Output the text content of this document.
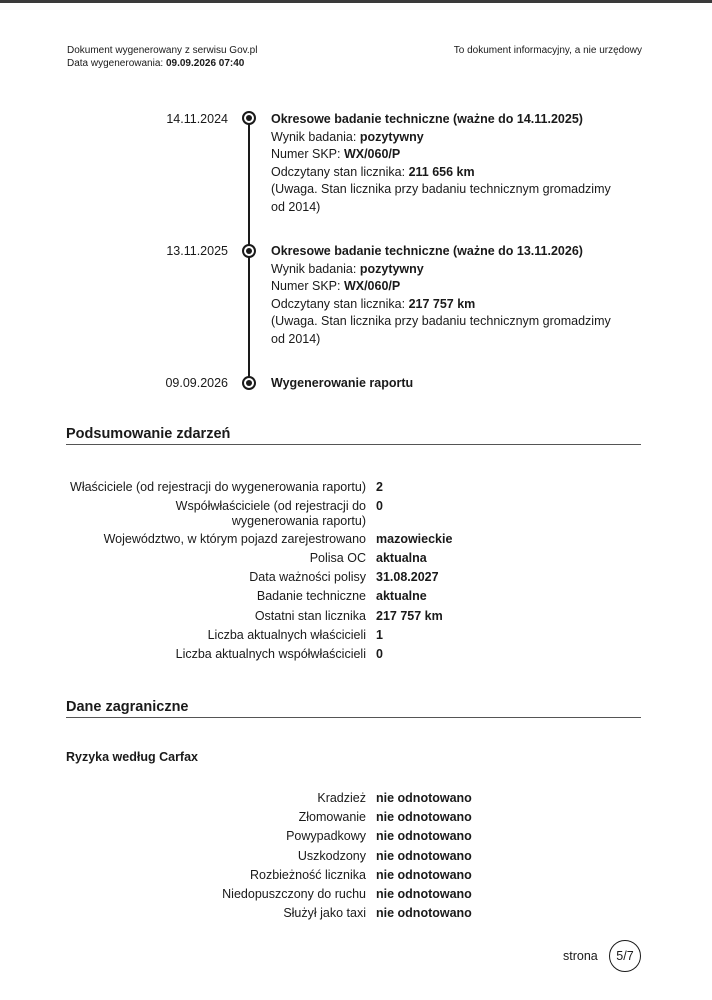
Dokument wygenerowany z serwisu Gov.pl
Data wygenerowania: 09.09.2026 07:40
To dokument informacyjny, a nie urzędowy
14.11.2024	Okresowe badanie techniczne (ważne do 14.11.2025)
Wynik badania: pozytywny
Numer SKP: WX/060/P
Odczytany stan licznika: 211 656 km
(Uwaga. Stan licznika przy badaniu technicznym gromadzimy od 2014)
13.11.2025	Okresowe badanie techniczne (ważne do 13.11.2026)
Wynik badania: pozytywny
Numer SKP: WX/060/P
Odczytany stan licznika: 217 757 km
(Uwaga. Stan licznika przy badaniu technicznym gromadzimy od 2014)
09.09.2026	Wygenerowanie raportu
Podsumowanie zdarzeń
Właściciele (od rejestracji do wygenerowania raportu) 2
Współwłaściciele (od rejestracji do wygenerowania raportu)
0
Województwo, w którym pojazd zarejestrowano mazowieckie
Polisa OC aktualna
Data ważności polisy 31.08.2027
Badanie techniczne aktualne
Ostatni stan licznika 217 757 km
Liczba aktualnych właścicieli 1
Liczba aktualnych współwłaścicieli 0
Dane zagraniczne
Ryzyka według Carfax
Kradzież nie odnotowano
Złomowanie nie odnotowano
Powypadkowy nie odnotowano
Uszkodzony nie odnotowano
Rozbieżność licznika nie odnotowano
Niedopuszczony do ruchu nie odnotowano
Służył jako taxi nie odnotowano
strona 5/7
